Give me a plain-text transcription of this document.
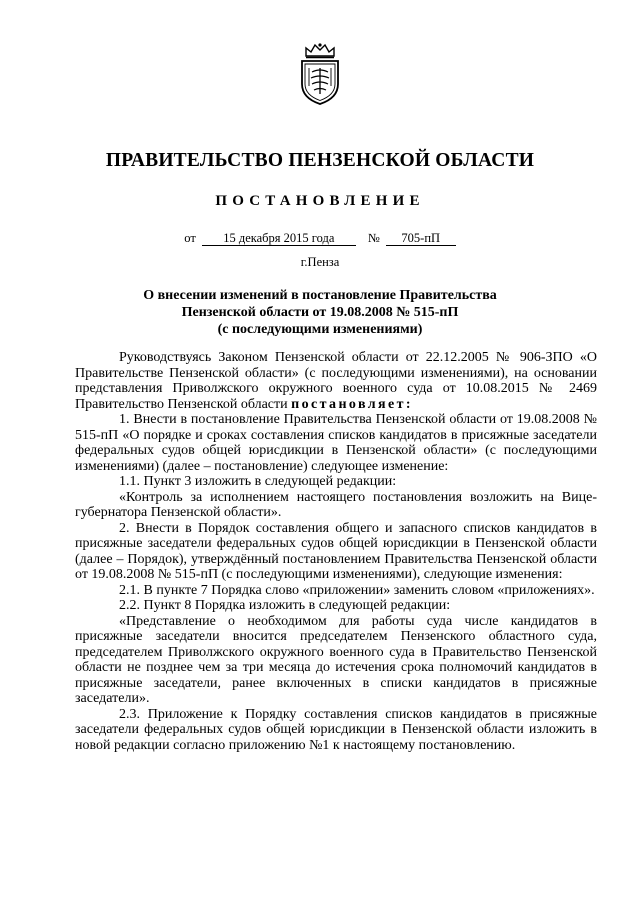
ПРАВИТЕЛЬСТВО ПЕНЗЕНСКОЙ ОБЛАСТИ
ПОСТАНОВЛЕНИЕ
от 15 декабря 2015 года	№ 705-пП
г.Пенза
О внесении изменений в постановление Правительства
Пензенской области от 19.08.2008 № 515-пП
(с последующими изменениями)

Руководствуясь Законом Пензенской области от 22.12.2005 № 906-ЗПО «О Правительстве Пензенской области» (с последующими изменениями), на основании представления Приволжского окружного военного суда от 10.08.2015 № 2469 Правительство Пензенской области постановляет:

1. Внести в постановление Правительства Пензенской области от 19.08.2008 № 515-пП «О порядке и сроках составления списков кандидатов в присяжные заседатели федеральных судов общей юрисдикции в Пензенской области» (с последующими изменениями) (далее – постановление) следующее изменение:

1.1. Пункт 3 изложить в следующей редакции:

«Контроль за исполнением настоящего постановления возложить на Вице-губернатора Пензенской области».

2. Внести в Порядок составления общего и запасного списков кандидатов в присяжные заседатели федеральных судов общей юрисдикции в Пензенской области (далее – Порядок), утверждённый постановлением Правительства Пензенской области от 19.08.2008 № 515-пП (с последующими изменениями), следующие изменения:

2.1. В пункте 7 Порядка слово «приложении» заменить словом «приложениях».

2.2. Пункт 8 Порядка изложить в следующей редакции:

«Представление о необходимом для работы суда числе кандидатов в присяжные заседатели вносится председателем Пензенского областного суда, председателем Приволжского окружного военного суда в Правительство Пензенской области не позднее чем за три месяца до истечения срока полномочий кандидатов в присяжные заседатели, ранее включенных в списки кандидатов в присяжные заседатели».

2.3. Приложение к Порядку составления списков кандидатов в присяжные заседатели федеральных судов общей юрисдикции в Пензенской области изложить в новой редакции согласно приложению №1 к настоящему постановлению.
